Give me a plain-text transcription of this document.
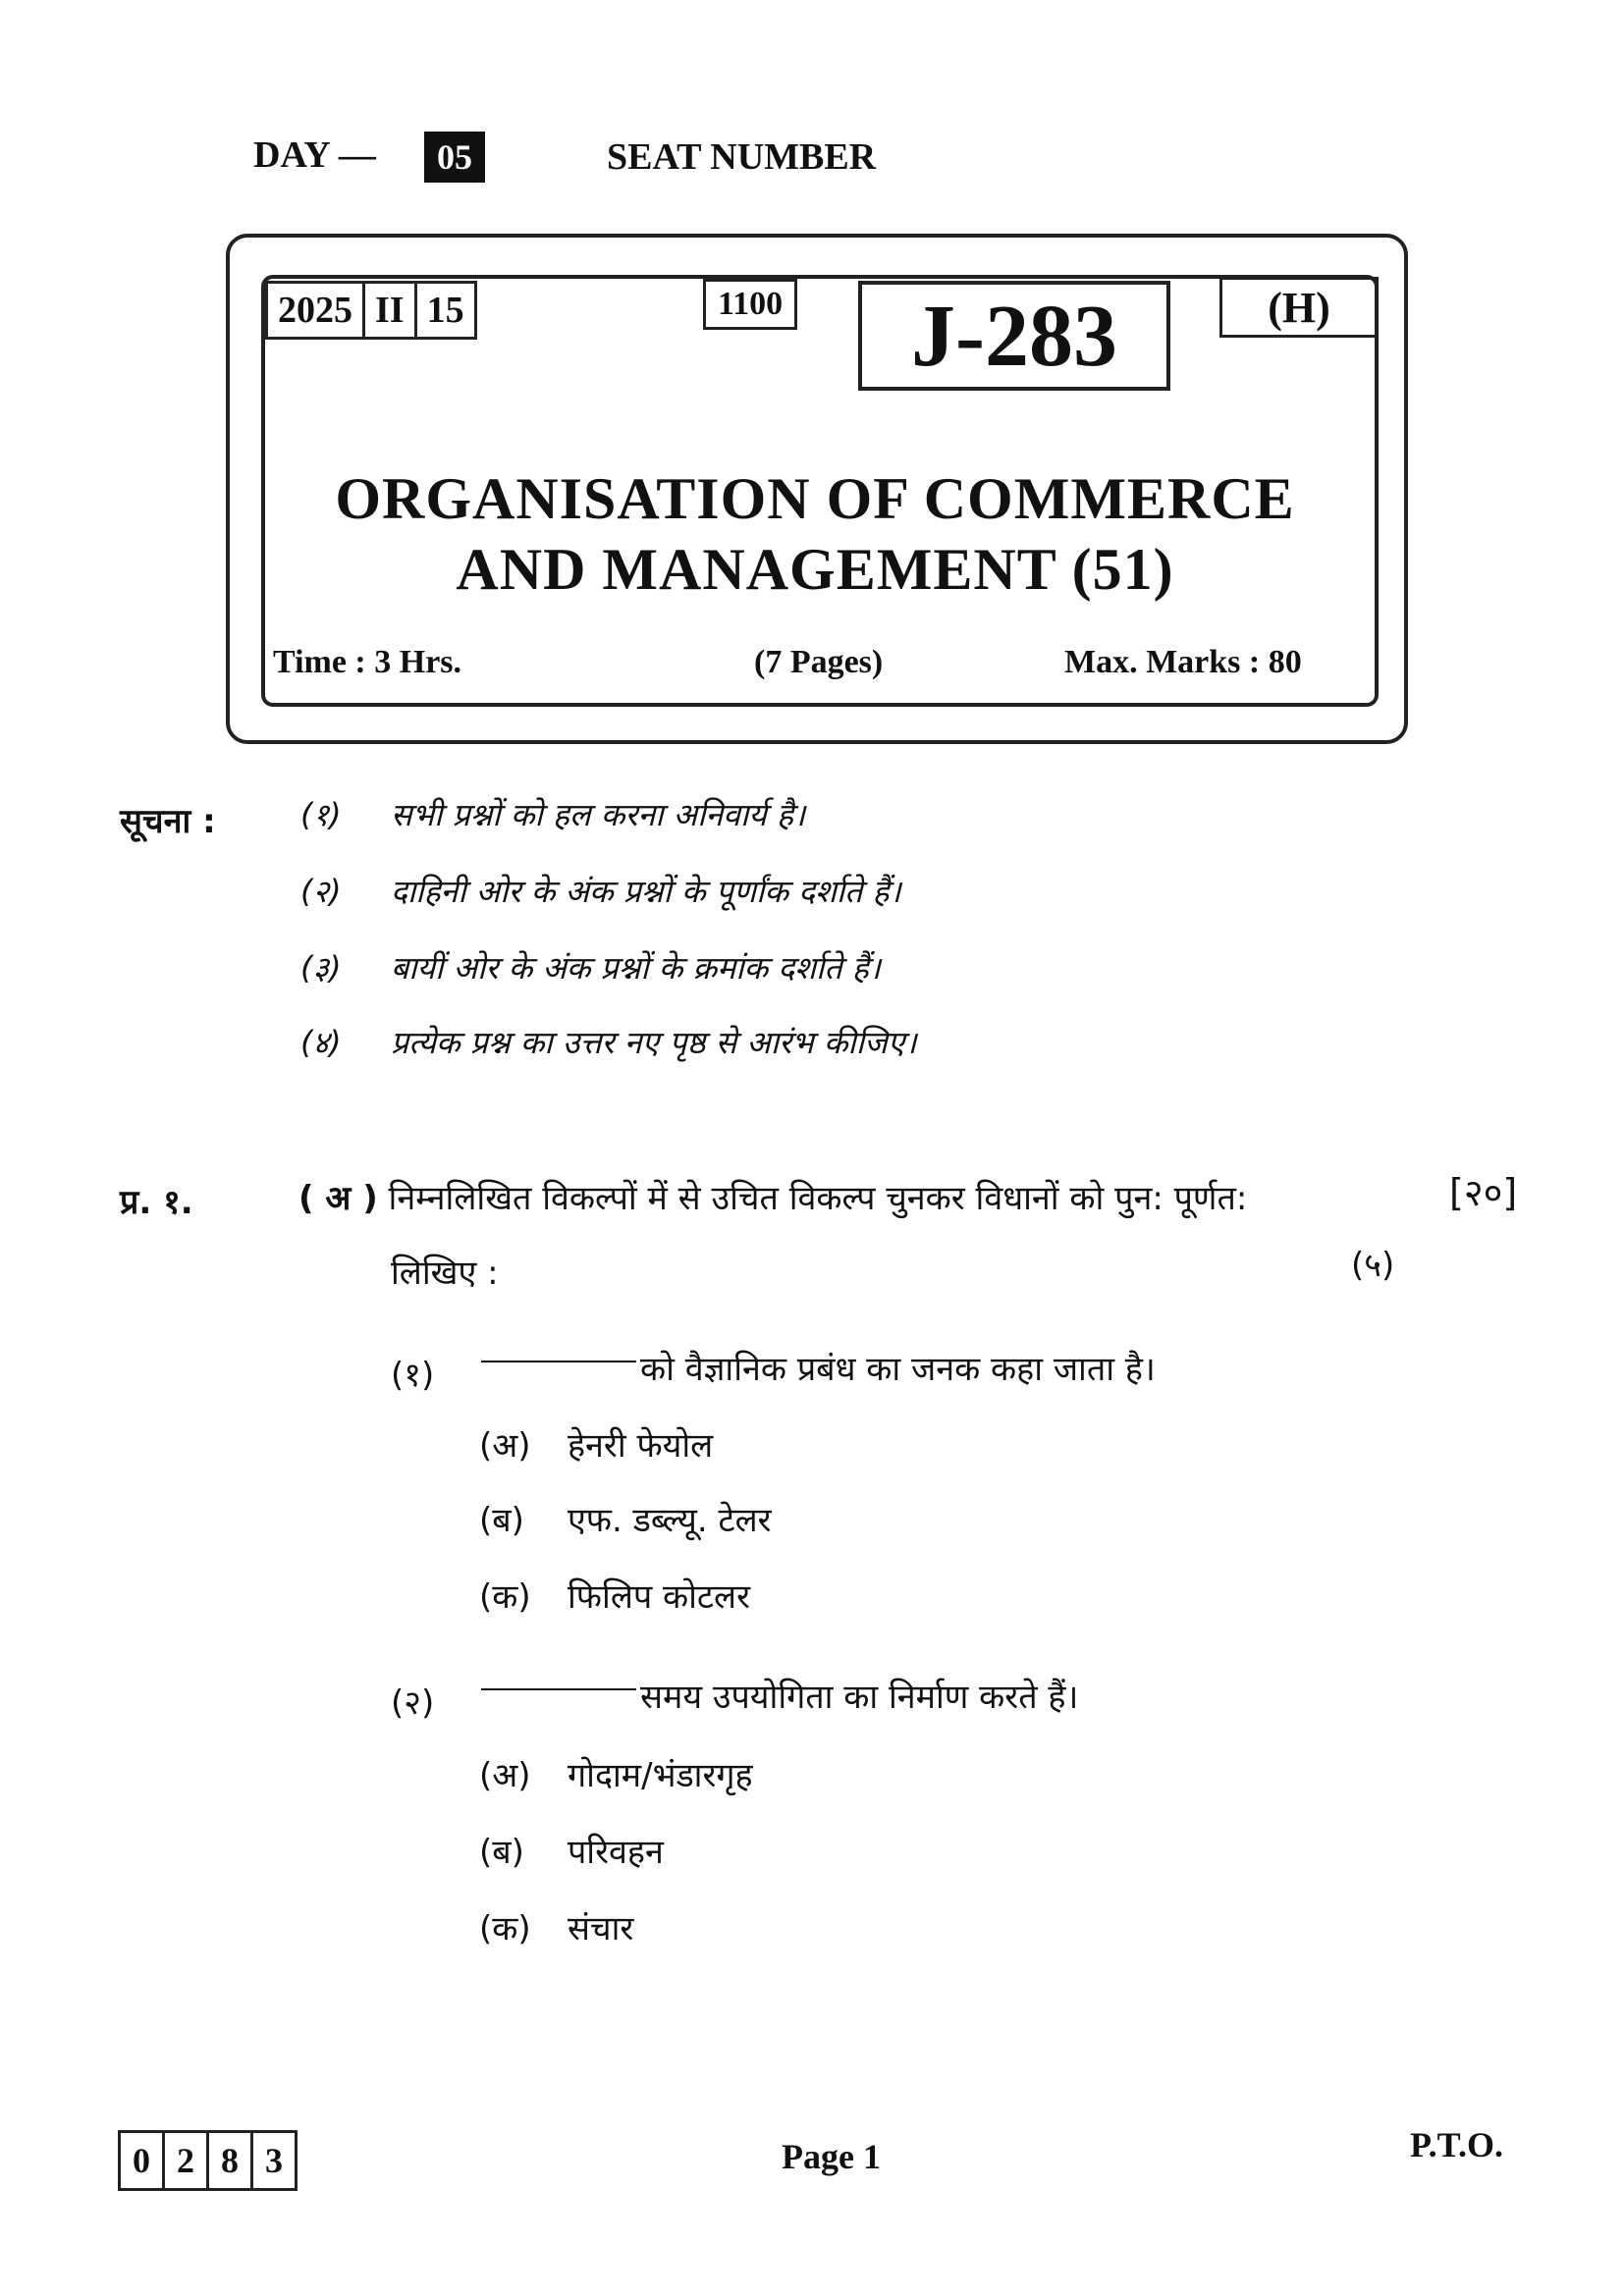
DAY —	05	SEAT NUMBER
2025 II 15	1100	J-283	(H)
ORGANISATION OF COMMERCE
AND MANAGEMENT (51)
Time : 3 Hrs.	(7 Pages)	Max. Marks : 80
सूचना :	(१) सभी प्रश्नों को हल करना अनिवार्य है।
(२) दाहिनी ओर के अंक प्रश्नों के पूर्णांक दर्शाते हैं।
(३) बायीं ओर के अंक प्रश्नों के क्रमांक दर्शाते हैं।
(४) प्रत्येक प्रश्न का उत्तर नए पृष्ठ से आरंभ कीजिए।
प्र. १.	( अ ) निम्नलिखित विकल्पों में से उचित विकल्प चुनकर विधानों को पुन: पूर्णत:
लिखिए :
[२०]
(५)
(१)	को वैज्ञानिक प्रबंध का जनक कहा जाता है।
(अ) हेनरी फेयोल
(ब) एफ. डब्ल्यू. टेलर
(क) फिलिप कोटलर
(२)	समय उपयोगिता का निर्माण करते हैं।
(अ) गोदाम/भंडारगृह
(ब) परिवहन
(क) संचार
0 2 8 3	Page 1	P.T.O.
